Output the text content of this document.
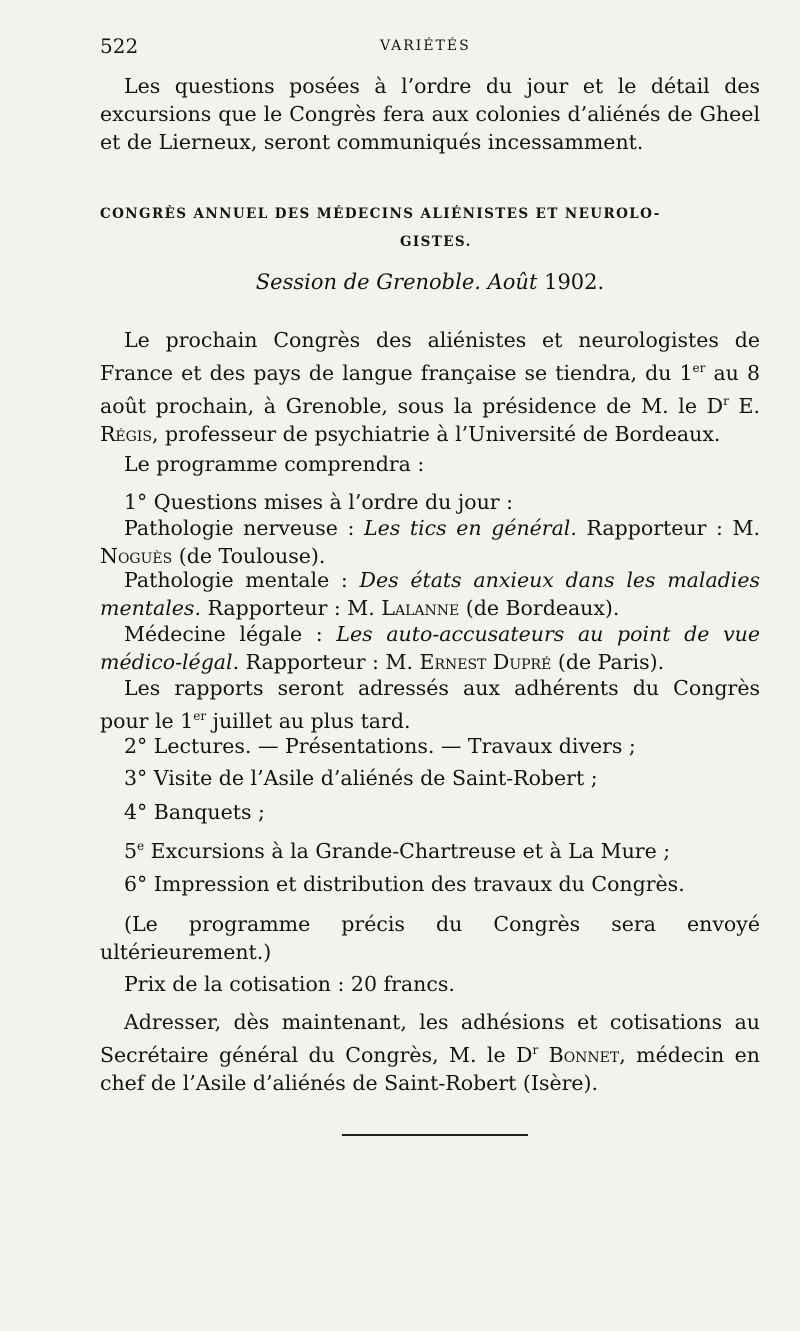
522	VARIÉTÉS

Les questions posées à l’ordre du jour et le détail des excursions que le Congrès fera aux colonies d’aliénés de Gheel et de Lierneux, seront communiqués incessamment.

CONGRÈS ANNUEL DES MÉDECINS ALIÉNISTES ET NEUROLO-
GISTES.
Session de Grenoble. Août 1902.

Le prochain Congrès des aliénistes et neurologistes de France et des pays de langue française se tiendra, du 1er au 8 août prochain, à Grenoble, sous la présidence de M. le $D^r$ E. Régis, professeur de psychiatrie à l’Université de Bordeaux.

Le programme comprendra :

1° Questions mises à l’ordre du jour :

Pathologie nerveuse : Les tics en général. Rapporteur : M. Noguès (de Toulouse).

Pathologie mentale : Des états anxieux dans les maladies mentales. Rapporteur : M. Lalanne (de Bordeaux).

Médecine légale : Les auto-accusateurs au point de vue médico-légal. Rapporteur : M. Ernest Dupré (de Paris).

Les rapports seront adressés aux adhérents du Congrès pour le 1er juillet au plus tard.

2° Lectures. — Présentations. — Travaux divers ;

3° Visite de l’Asile d’aliénés de Saint-Robert ;

4° Banquets ;

5e Excursions à la Grande-Chartreuse et à La Mure ;

6° Impression et distribution des travaux du Congrès.

(Le programme précis du Congrès sera envoyé ultérieurement.)

Prix de la cotisation : 20 francs.

Adresser, dès maintenant, les adhésions et cotisations au Secrétaire général du Congrès, M. le $D^r$ Bonnet, médecin en chef de l’Asile d’aliénés de Saint-Robert (Isère).
